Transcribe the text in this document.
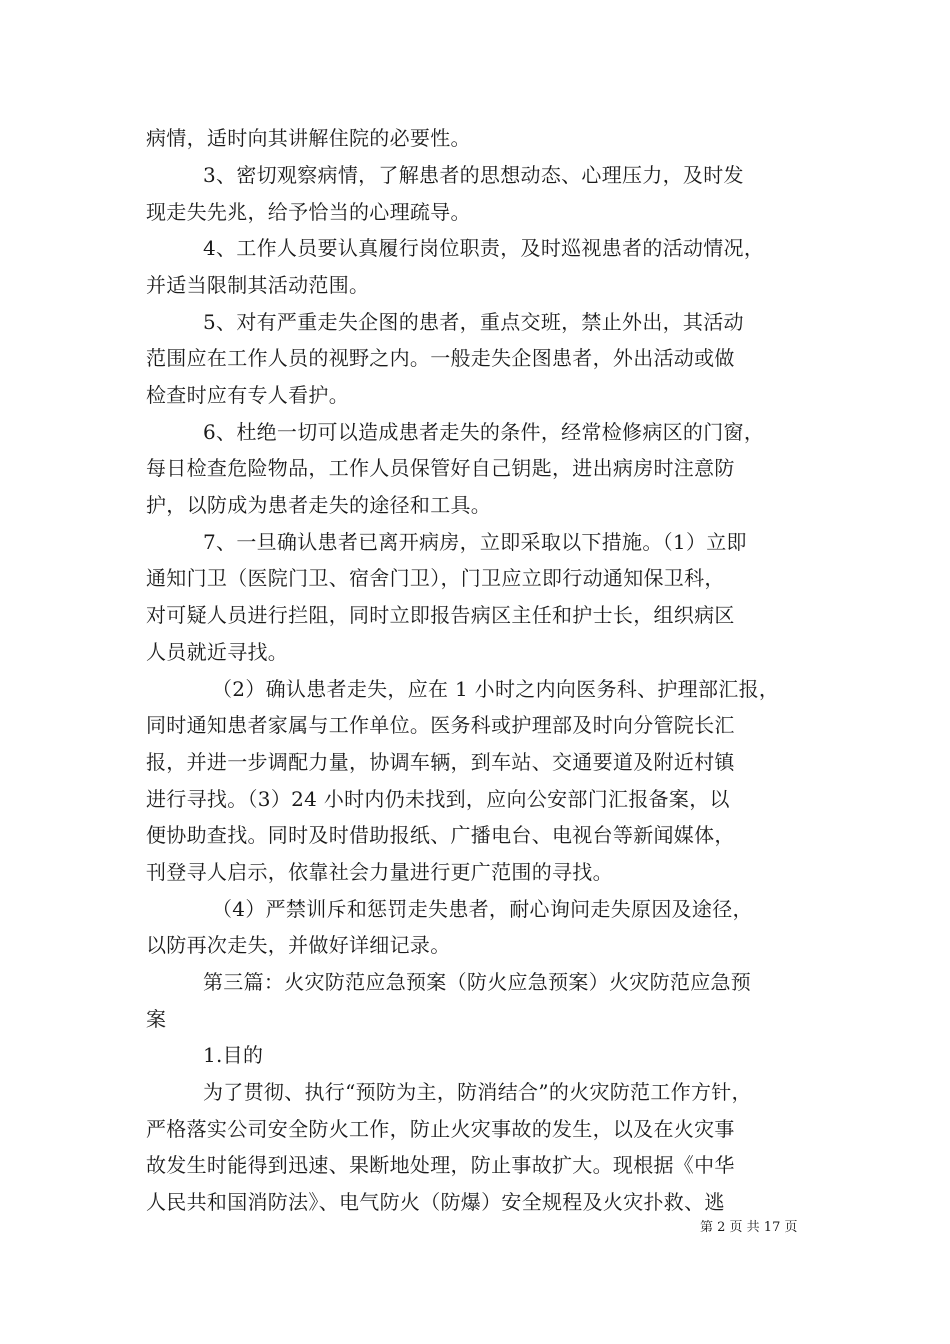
病情，适时向其讲解住院的必要性。
3、密切观察病情，了解患者的思想动态、心理压力，及时发
现走失先兆，给予恰当的心理疏导。
4、工作人员要认真履行岗位职责，及时巡视患者的活动情况，
并适当限制其活动范围。
5、对有严重走失企图的患者，重点交班，禁止外出，其活动
范围应在工作人员的视野之内。一般走失企图患者，外出活动或做
检查时应有专人看护。
6、杜绝一切可以造成患者走失的条件，经常检修病区的门窗，
每日检查危险物品，工作人员保管好自己钥匙，进出病房时注意防
护，以防成为患者走失的途径和工具。
7、一旦确认患者已离开病房，立即采取以下措施。（1）立即
通知门卫（医院门卫、宿舍门卫），门卫应立即行动通知保卫科，
对可疑人员进行拦阻，同时立即报告病区主任和护士长，组织病区
人员就近寻找。
（2）确认患者走失，应在 1 小时之内向医务科、护理部汇报，
同时通知患者家属与工作单位。医务科或护理部及时向分管院长汇
报，并进一步调配力量，协调车辆，到车站、交通要道及附近村镇
进行寻找。（3）24 小时内仍未找到，应向公安部门汇报备案，以
便协助查找。同时及时借助报纸、广播电台、电视台等新闻媒体，
刊登寻人启示，依靠社会力量进行更广范围的寻找。
（4）严禁训斥和惩罚走失患者，耐心询问走失原因及途径，
以防再次走失，并做好详细记录。
第三篇：火灾防范应急预案（防火应急预案）火灾防范应急预
案
1.目的
为了贯彻、执行“预防为主，防消结合”的火灾防范工作方针，
严格落实公司安全防火工作，防止火灾事故的发生，以及在火灾事
故发生时能得到迅速、果断地处理，防止事故扩大。现根据《中华
人民共和国消防法》、电气防火（防爆）安全规程及火灾扑救、逃
第 2 页 共 17 页
